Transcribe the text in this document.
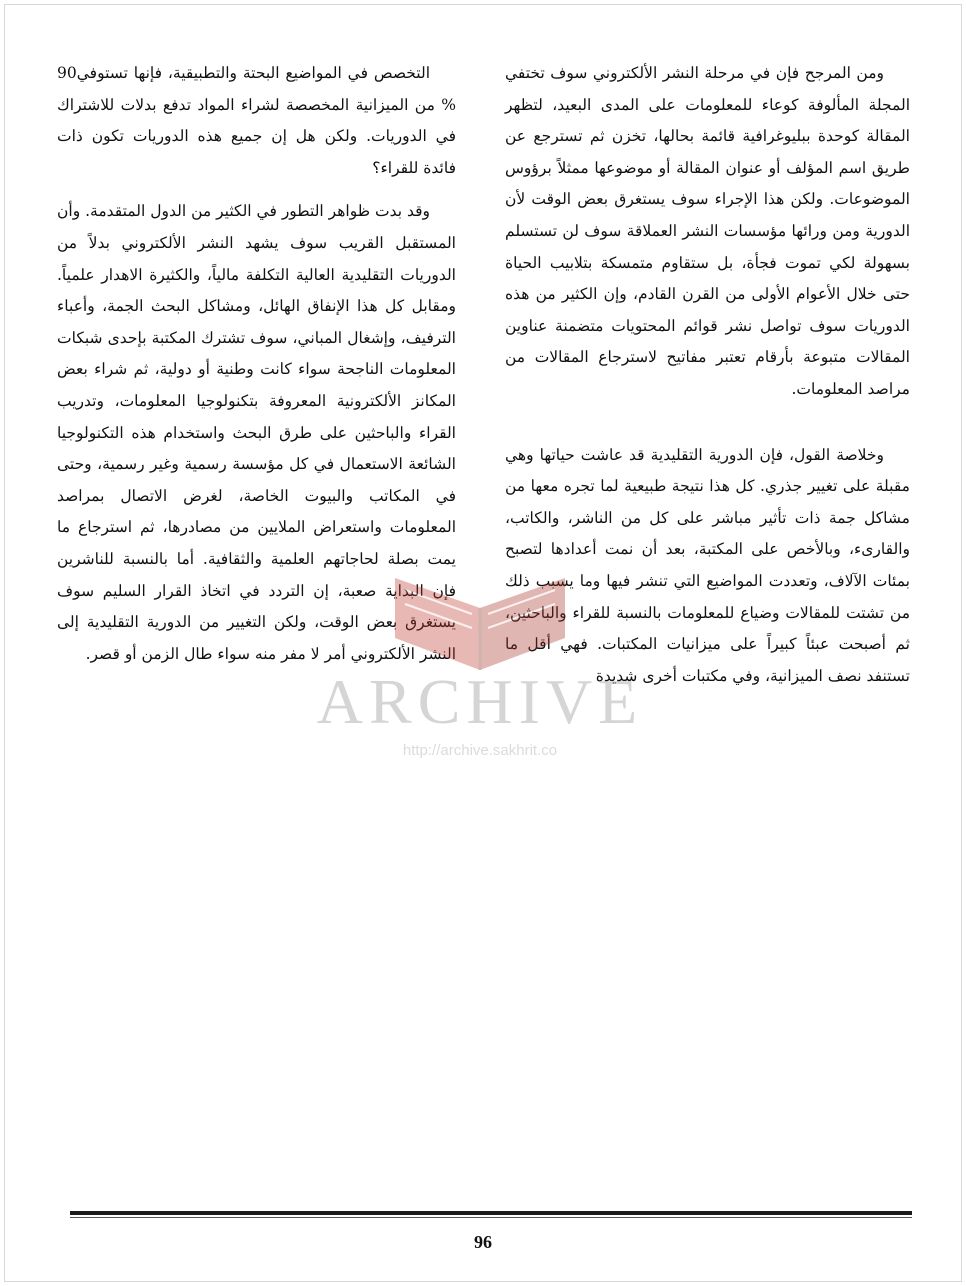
ومن المرجح فإن في مرحلة النشر الألكتروني سوف تختفي المجلة المألوفة كوعاء للمعلومات على المدى البعيد، لتظهر المقالة كوحدة ببليوغرافية قائمة بحالها، تخزن ثم تسترجع عن طريق اسم المؤلف أو عنوان المقالة أو موضوعها ممثلاً برؤوس الموضوعات. ولكن هذا الإجراء سوف يستغرق بعض الوقت لأن الدورية ومن ورائها مؤسسات النشر العملاقة سوف لن تستسلم بسهولة لكي تموت فجأة، بل ستقاوم متمسكة بتلابيب الحياة حتى خلال الأعوام الأولى من القرن القادم، وإن الكثير من هذه الدوريات سوف تواصل نشر قوائم المحتويات متضمنة عناوين المقالات متبوعة بأرقام تعتبر مفاتيح لاسترجاع المقالات من مراصد المعلومات.

وخلاصة القول، فإن الدورية التقليدية قد عاشت حياتها وهي مقبلة على تغيير جذري. كل هذا نتيجة طبيعية لما تجره معها من مشاكل جمة ذات تأثير مباشر على كل من الناشر، والكاتب، والقارىء، وبالأخص على المكتبة، بعد أن نمت أعدادها لتصبح بمئات الآلاف، وتعددت المواضيع التي تنشر فيها وما يسبب ذلك من تشتت للمقالات وضياع للمعلومات بالنسبة للقراء والباحثين، ثم أصبحت عبئاً كبيراً على ميزانيات المكتبات. فهي أقل ما تستنفد نصف الميزانية، وفي مكتبات أخرى شديدة

التخصص في المواضيع البحتة والتطبيقية، فإنها تستوفي90 % من الميزانية المخصصة لشراء المواد تدفع بدلات للاشتراك في الدوريات. ولكن هل إن جميع هذه الدوريات تكون ذات فائدة للقراء؟

وقد بدت ظواهر التطور في الكثير من الدول المتقدمة. وأن المستقبل القريب سوف يشهد النشر الألكتروني بدلاً من الدوريات التقليدية العالية التكلفة مالياً، والكثيرة الاهدار علمياً. ومقابل كل هذا الإنفاق الهائل، ومشاكل البحث الجمة، وأعباء الترفيف، وإشغال المباني، سوف تشترك المكتبة بإحدى شبكات المعلومات الناجحة سواء كانت وطنية أو دولية، ثم شراء بعض المكانز الألكترونية المعروفة بتكنولوجيا المعلومات، وتدريب القراء والباحثين على طرق البحث واستخدام هذه التكنولوجيا الشائعة الاستعمال في كل مؤسسة رسمية وغير رسمية، وحتى في المكاتب والبيوت الخاصة، لغرض الاتصال بمراصد المعلومات واستعراض الملايين من مصادرها، ثم استرجاع ما يمت بصلة لحاجاتهم العلمية والثقافية. أما بالنسبة للناشرين فإن البداية صعبة، إن التردد في اتخاذ القرار السليم سوف يستغرق بعض الوقت، ولكن التغيير من الدورية التقليدية إلى النشر الألكتروني أمر لا مفر منه سواء طال الزمن أو قصر.

ARCHIVE
http://archive.sakhrit.co
96
